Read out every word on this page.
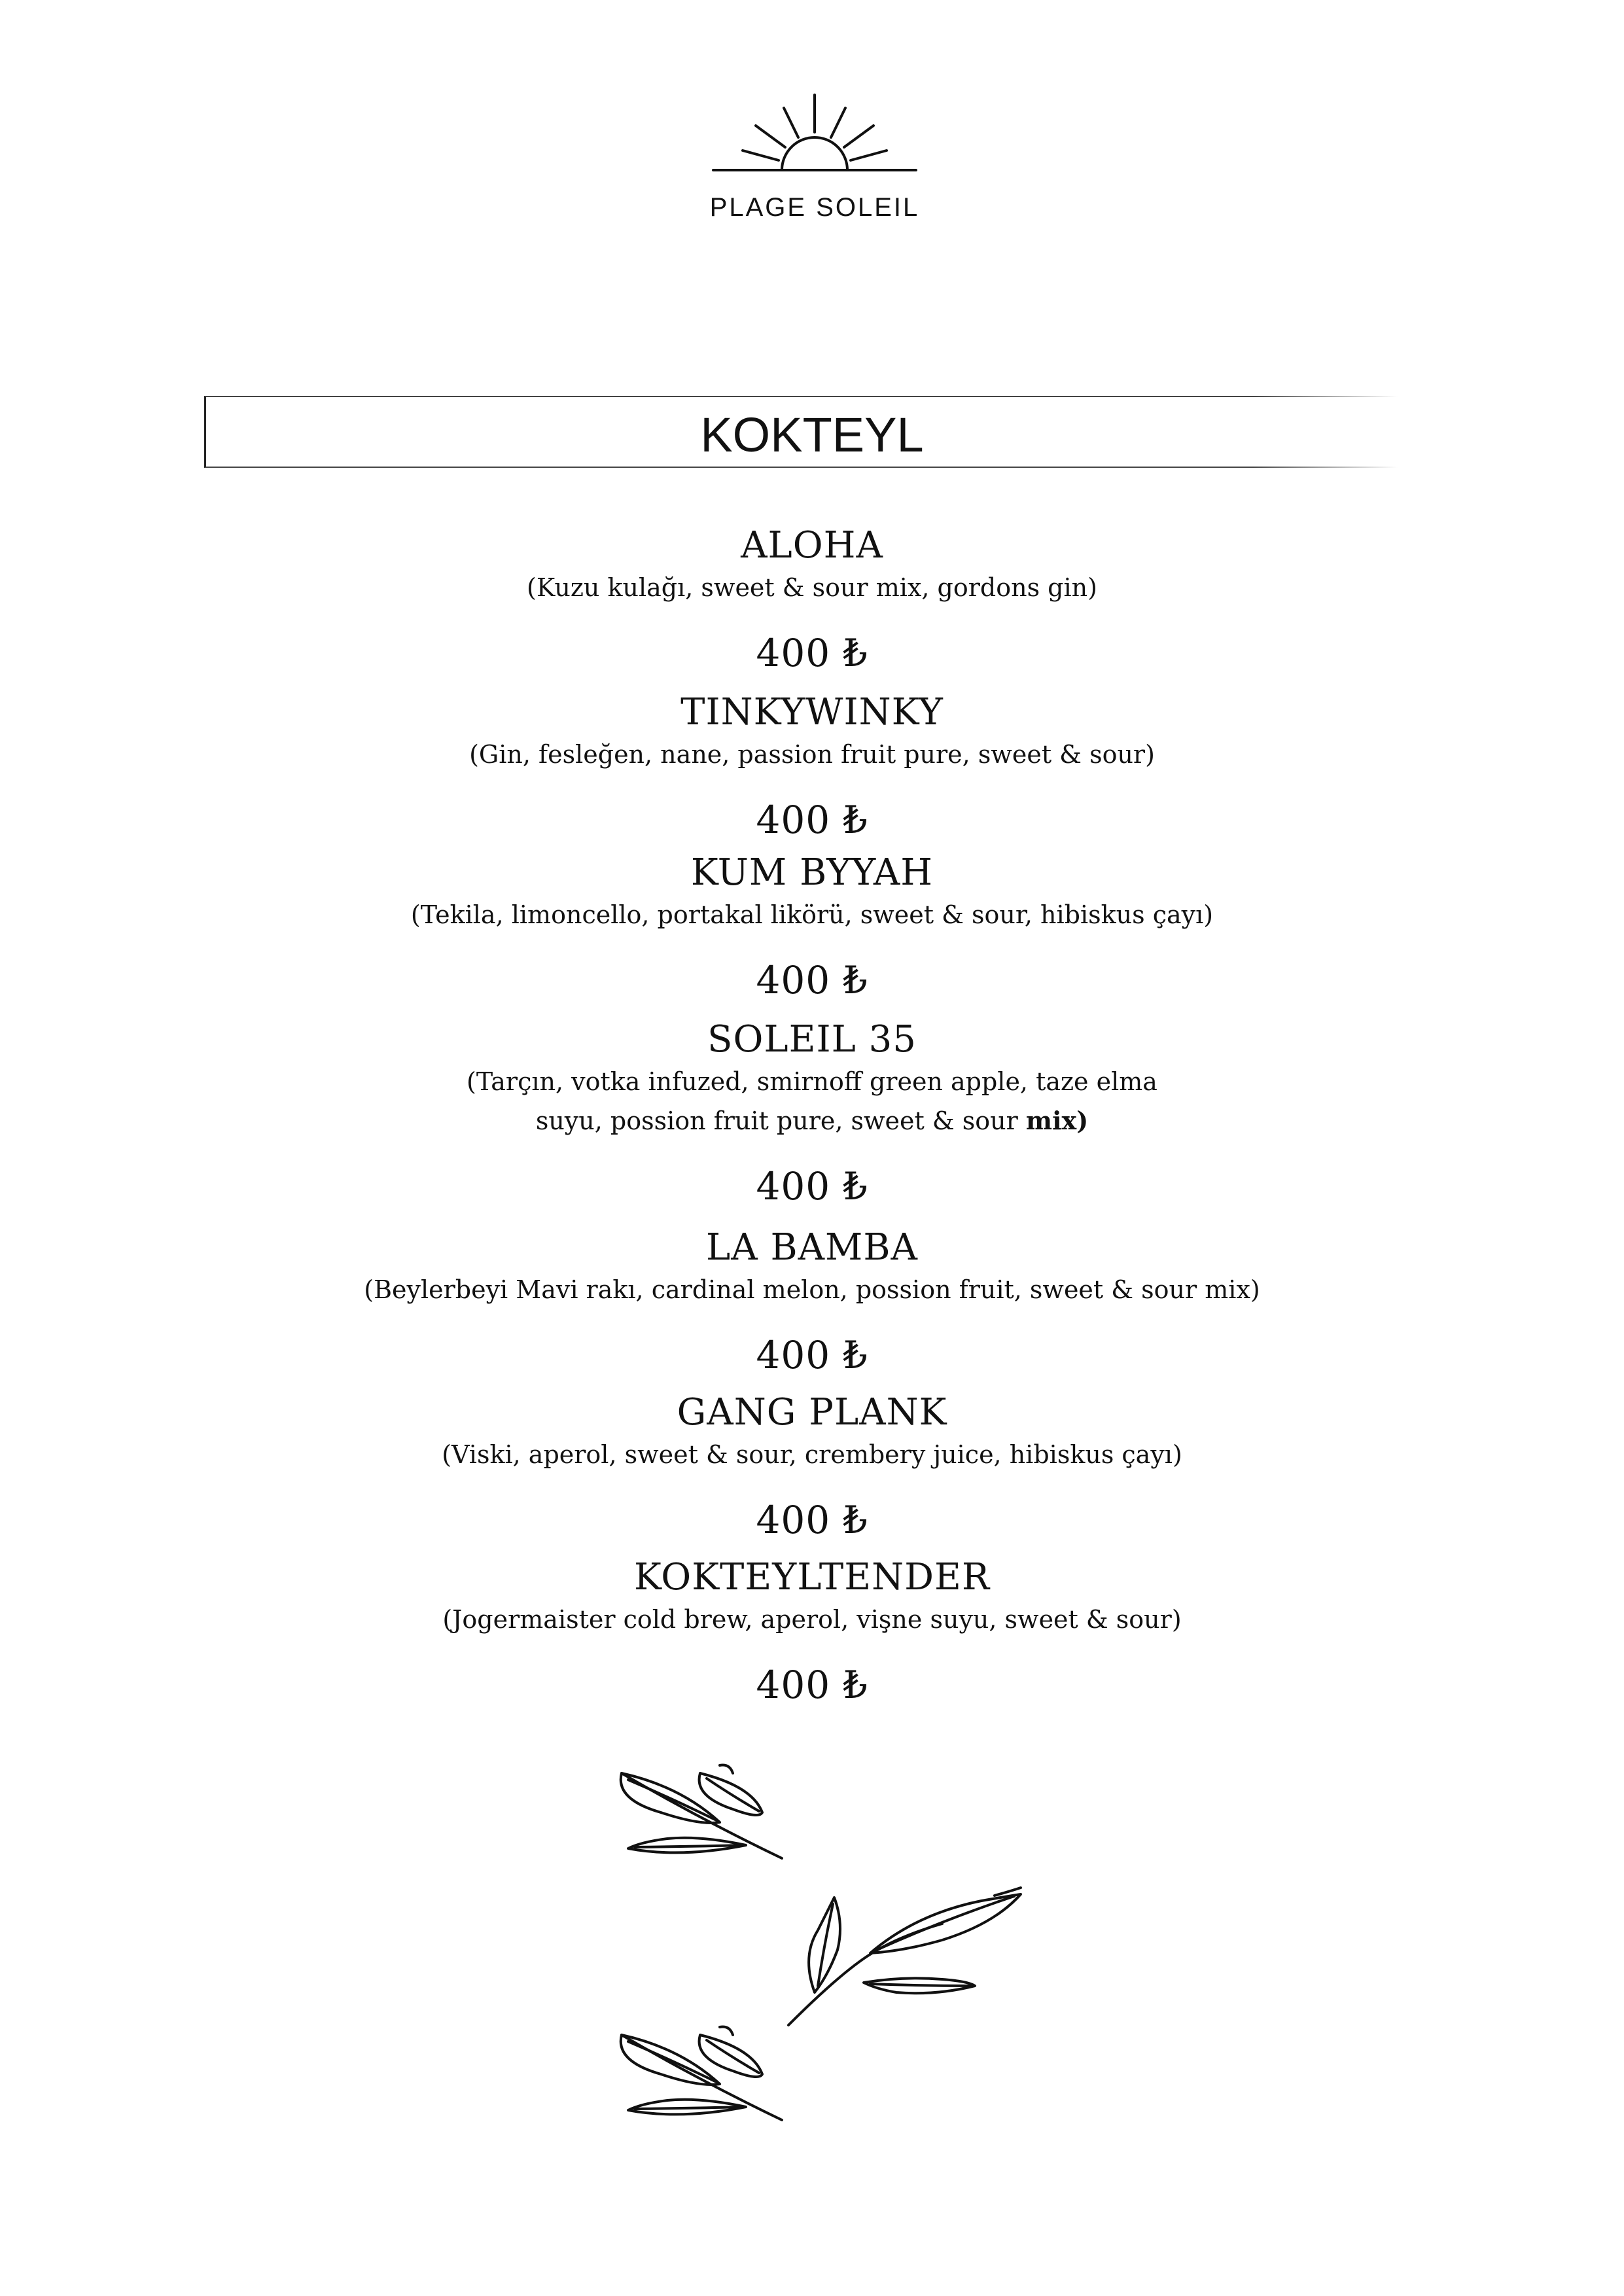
PLAGE SOLEIL
KOKTEYL
ALOHA
(Kuzu kulağı, sweet & sour mix, gordons gin)
400 ₺
TINKYWINKY
(Gin, fesleğen, nane, passion fruit pure, sweet & sour)
400 ₺
KUM BYYAH
(Tekila, limoncello, portakal likörü, sweet & sour, hibiskus çayı)
400 ₺
SOLEIL 35
(Tarçın, votka infuzed, smirnoff green apple, taze elma
suyu, possion fruit pure, sweet & sour mix)
400 ₺
LA BAMBA
(Beylerbeyi Mavi rakı, cardinal melon, possion fruit, sweet & sour mix)
400 ₺
GANG PLANK
(Viski, aperol, sweet & sour, crembery juice, hibiskus çayı)
400 ₺
KOKTEYLTENDER
(Jogermaister cold brew, aperol, vişne suyu, sweet & sour)
400 ₺
